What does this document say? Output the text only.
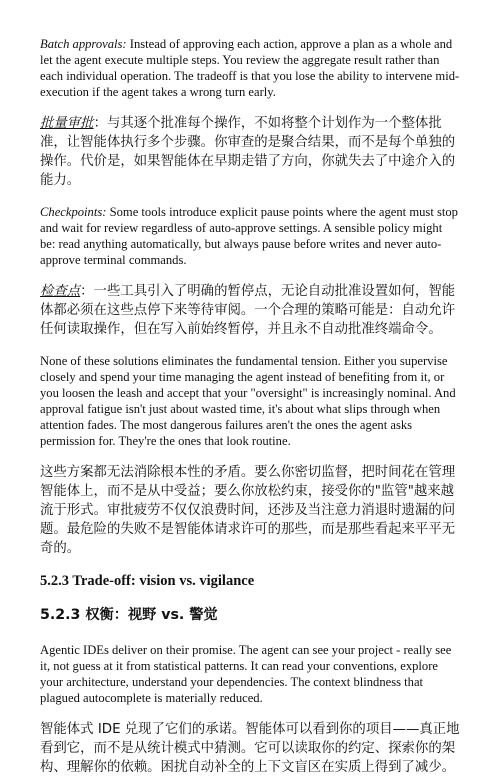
Batch approvals: Instead of approving each action, approve a plan as a whole and let the agent execute multiple steps. You review the aggregate result rather than each individual operation. The tradeoff is that you lose the ability to intervene mid-execution if the agent takes a wrong turn early.

批量审批：与其逐个批准每个操作，不如将整个计划作为一个整体批准，让智能体执行多个步骤。你审查的是聚合结果，而不是每个单独的操作。代价是，如果智能体在早期走错了方向，你就失去了中途介入的能力。

Checkpoints: Some tools introduce explicit pause points where the agent must stop and wait for review regardless of auto-approve settings. A sensible policy might be: read anything automatically, but always pause before writes and never auto-approve terminal commands.

检查点：一些工具引入了明确的暂停点，无论自动批准设置如何，智能体都必须在这些点停下来等待审阅。一个合理的策略可能是：自动允许任何读取操作，但在写入前始终暂停，并且永不自动批准终端命令。

None of these solutions eliminates the fundamental tension. Either you supervise closely and spend your time managing the agent instead of benefiting from it, or you loosen the leash and accept that your "oversight" is increasingly nominal. And approval fatigue isn't just about wasted time, it's about what slips through when attention fades. The most dangerous failures aren't the ones the agent asks permission for. They're the ones that look routine.

这些方案都无法消除根本性的矛盾。要么你密切监督，把时间花在管理智能体上，而不是从中受益；要么你放松约束，接受你的"监管"越来越流于形式。审批疲劳不仅仅浪费时间，还涉及当注意力消退时遗漏的问题。最危险的失败不是智能体请求许可的那些，而是那些看起来平平无奇的。

5.2.3 Trade-off: vision vs. vigilance
5.2.3 权衡：视野 vs. 警觉

Agentic IDEs deliver on their promise. The agent can see your project - really see it, not guess at it from statistical patterns. It can read your conventions, explore your architecture, understand your dependencies. The context blindness that plagued autocomplete is materially reduced.

智能体式 IDE 兑现了它们的承诺。智能体可以看到你的项目——真正地看到它，而不是从统计模式中猜测。它可以读取你的约定、探索你的架构、理解你的依赖。困扰自动补全的上下文盲区在实质上得到了减少。
